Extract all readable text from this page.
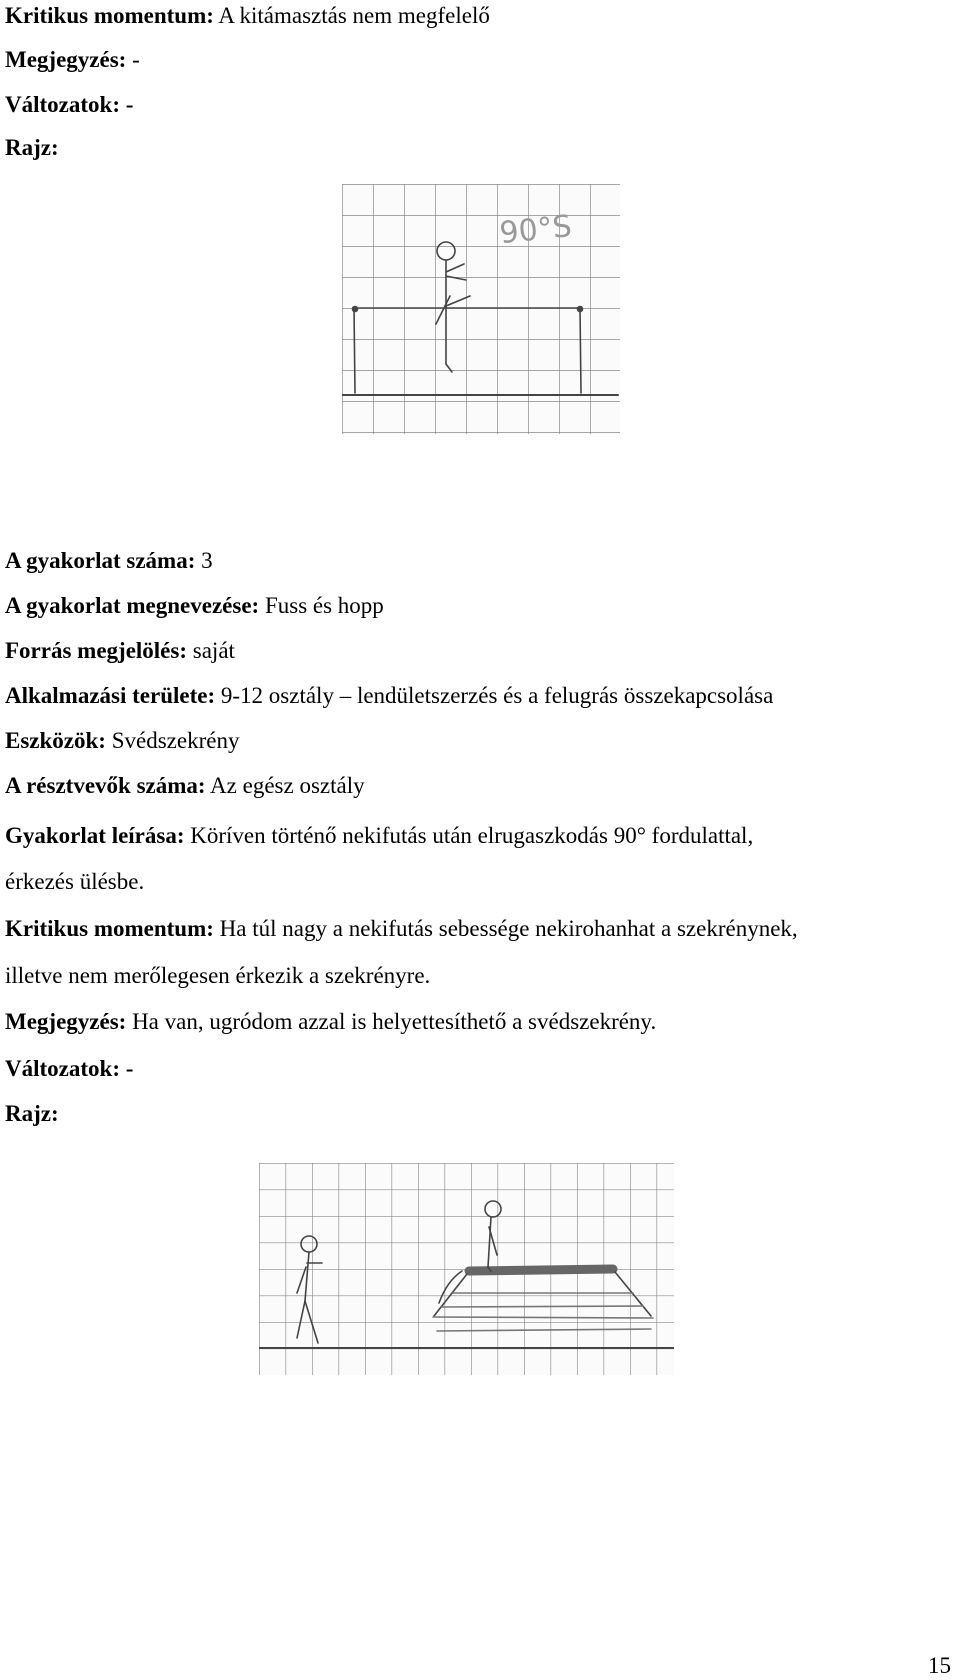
Kritikus momentum: A kitámasztás nem megfelelő
Megjegyzés: -
Változatok: -
Rajz:
90°S
A gyakorlat száma: 3
A gyakorlat megnevezése: Fuss és hopp
Forrás megjelölés: saját
Alkalmazási területe: 9-12 osztály – lendületszerzés és a felugrás összekapcsolása
Eszközök: Svédszekrény
A résztvevők száma: Az egész osztály
Gyakorlat leírása: Köríven történő nekifutás után elrugaszkodás 90° fordulattal,
érkezés ülésbe.
Kritikus momentum: Ha túl nagy a nekifutás sebessége nekirohanhat a szekrénynek,
illetve nem merőlegesen érkezik a szekrényre.
Megjegyzés: Ha van, ugródom azzal is helyettesíthető a svédszekrény.
Változatok: -
Rajz:
15
